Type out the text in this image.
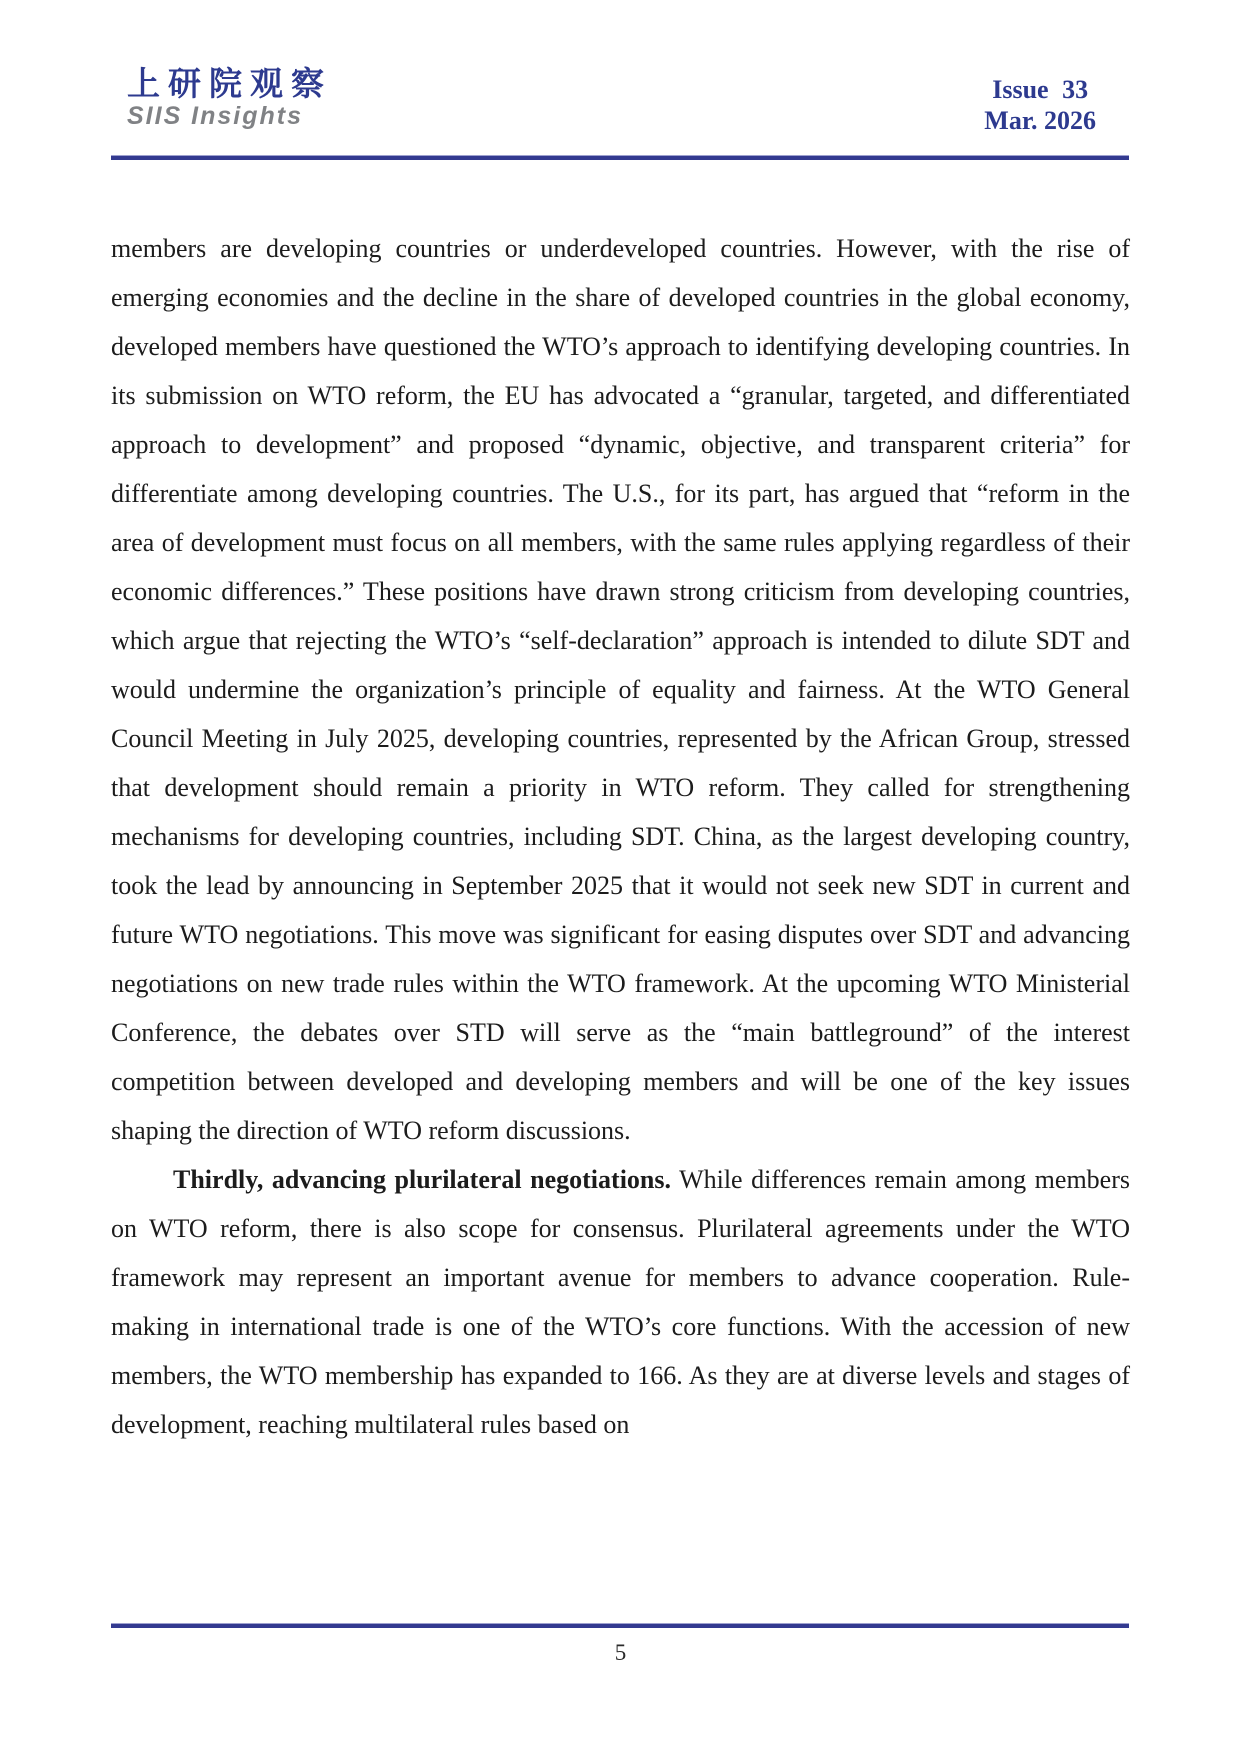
上研院观察
SIIS Insights
Issue 33
Mar. 2026

members are developing countries or underdeveloped countries. However, with the rise of emerging economies and the decline in the share of developed countries in the global economy, developed members have questioned the WTO’s approach to identifying developing countries. In its submission on WTO reform, the EU has advocated a “granular, targeted, and differentiated approach to development” and proposed “dynamic, objective, and transparent criteria” for differentiate among developing countries. The U.S., for its part, has argued that “reform in the area of development must focus on all members, with the same rules applying regardless of their economic differences.” These positions have drawn strong criticism from developing countries, which argue that rejecting the WTO’s “self-declaration” approach is intended to dilute SDT and would undermine the organization’s principle of equality and fairness. At the WTO General Council Meeting in July 2025, developing countries, represented by the African Group, stressed that development should remain a priority in WTO reform. They called for strengthening mechanisms for developing countries, including SDT. China, as the largest developing country, took the lead by announcing in September 2025 that it would not seek new SDT in current and future WTO negotiations. This move was significant for easing disputes over SDT and advancing negotiations on new trade rules within the WTO framework. At the upcoming WTO Ministerial Conference, the debates over STD will serve as the “main battleground” of the interest competition between developed and developing members and will be one of the key issues shaping the direction of WTO reform discussions.

Thirdly, advancing plurilateral negotiations. While differences remain among members on WTO reform, there is also scope for consensus. Plurilateral agreements under the WTO framework may represent an important avenue for members to advance cooperation. Rule-making in international trade is one of the WTO’s core functions. With the accession of new members, the WTO membership has expanded to 166. As they are at diverse levels and stages of development, reaching multilateral rules based on

5
